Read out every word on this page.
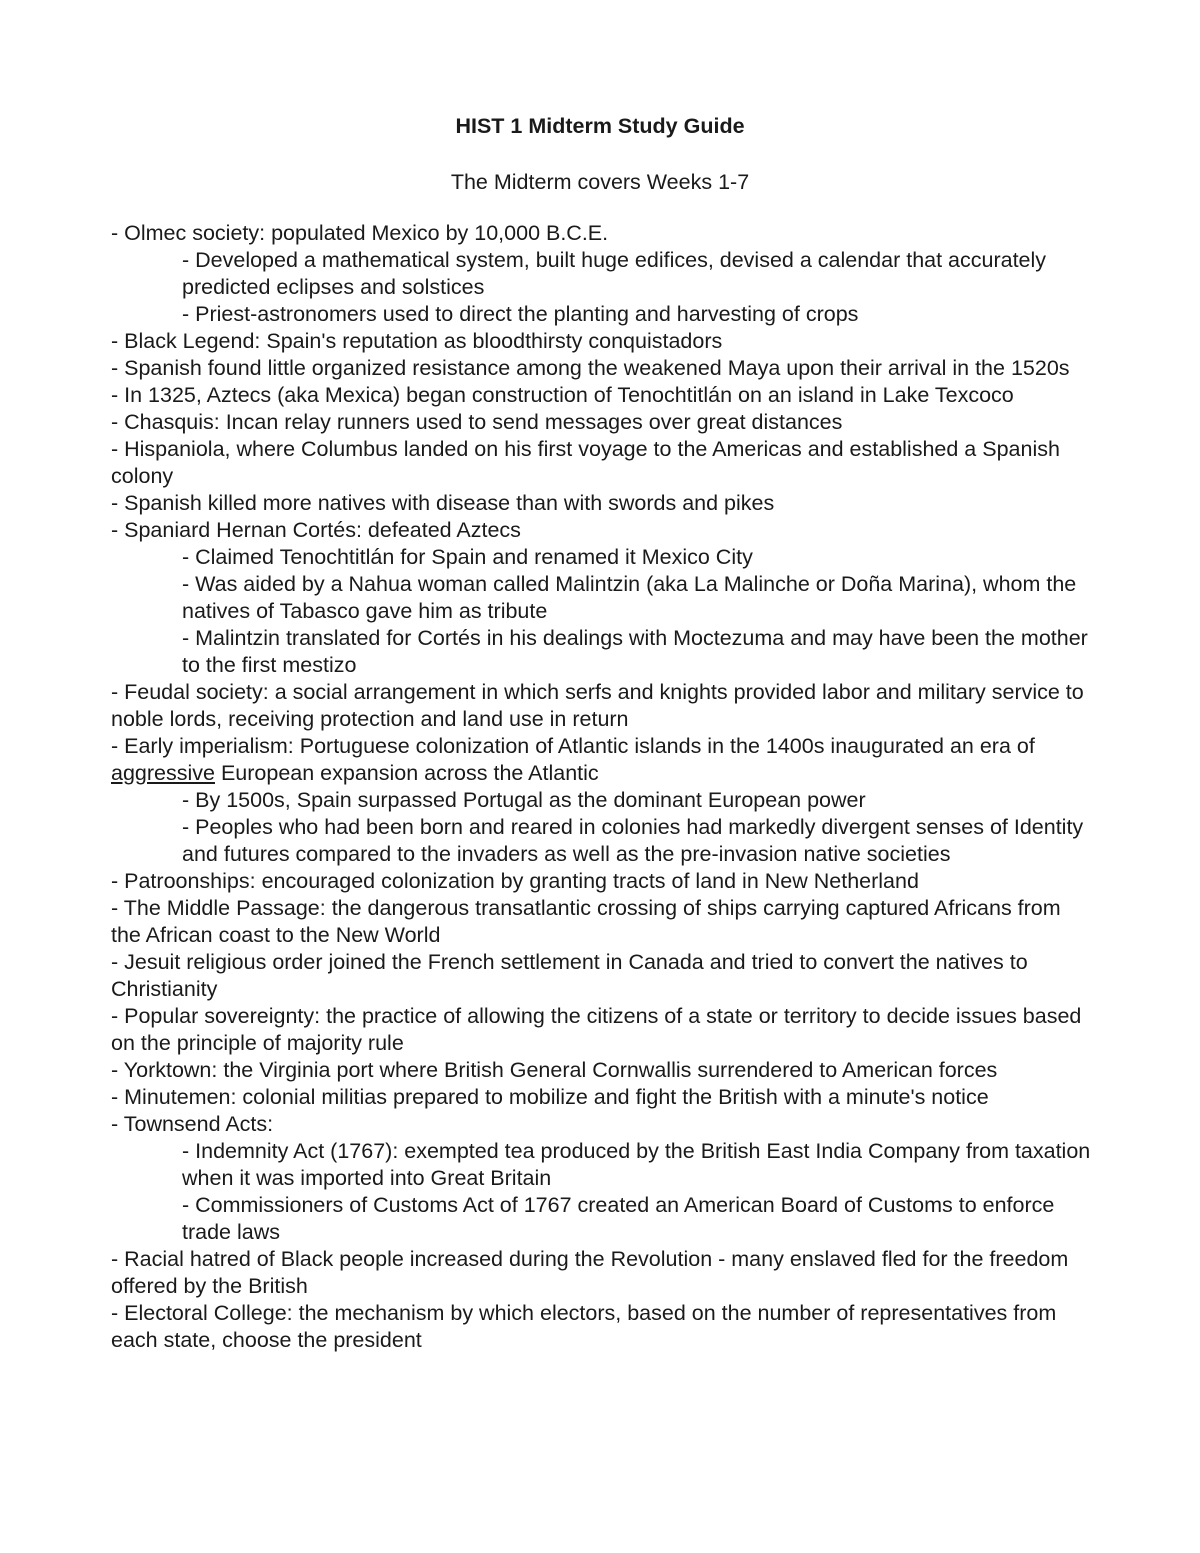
HIST 1 Midterm Study Guide

The Midterm covers Weeks 1-7

- Olmec society: populated Mexico by 10,000 B.C.E.
- Developed a mathematical system, built huge edifices, devised a calendar that accurately predicted eclipses and solstices
- Priest-astronomers used to direct the planting and harvesting of crops
- Black Legend: Spain's reputation as bloodthirsty conquistadors
- Spanish found little organized resistance among the weakened Maya upon their arrival in the 1520s
- In 1325, Aztecs (aka Mexica) began construction of Tenochtitlán on an island in Lake Texcoco
- Chasquis: Incan relay runners used to send messages over great distances
- Hispaniola, where Columbus landed on his first voyage to the Americas and established a Spanish colony
- Spanish killed more natives with disease than with swords and pikes
- Spaniard Hernan Cortés: defeated Aztecs
- Claimed Tenochtitlán for Spain and renamed it Mexico City
- Was aided by a Nahua woman called Malintzin (aka La Malinche or Doña Marina), whom the natives of Tabasco gave him as tribute
- Malintzin translated for Cortés in his dealings with Moctezuma and may have been the mother to the first mestizo
- Feudal society: a social arrangement in which serfs and knights provided labor and military service to noble lords, receiving protection and land use in return
- Early imperialism: Portuguese colonization of Atlantic islands in the 1400s inaugurated an era of aggressive European expansion across the Atlantic
- By 1500s, Spain surpassed Portugal as the dominant European power
- Peoples who had been born and reared in colonies had markedly divergent senses of Identity and futures compared to the invaders as well as the pre-invasion native societies
- Patroonships: encouraged colonization by granting tracts of land in New Netherland
- The Middle Passage: the dangerous transatlantic crossing of ships carrying captured Africans from the African coast to the New World
- Jesuit religious order joined the French settlement in Canada and tried to convert the natives to Christianity
- Popular sovereignty: the practice of allowing the citizens of a state or territory to decide issues based on the principle of majority rule
- Yorktown: the Virginia port where British General Cornwallis surrendered to American forces
- Minutemen: colonial militias prepared to mobilize and fight the British with a minute's notice
- Townsend Acts:
- Indemnity Act (1767): exempted tea produced by the British East India Company from taxation when it was imported into Great Britain
- Commissioners of Customs Act of 1767 created an American Board of Customs to enforce trade laws
- Racial hatred of Black people increased during the Revolution - many enslaved fled for the freedom offered by the British
- Electoral College: the mechanism by which electors, based on the number of representatives from each state, choose the president
